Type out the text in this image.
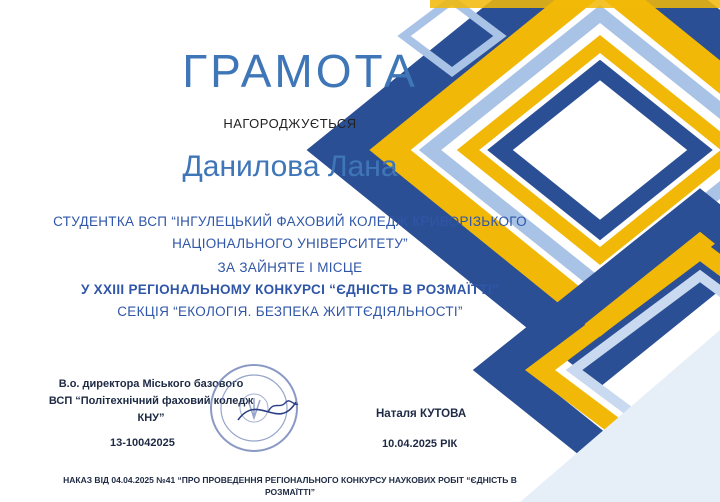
ГРАМОТА
НАГОРОДЖУЄТЬСЯ
Данилова Лана
СТУДЕНТКА ВСП “ІНГУЛЕЦЬКИЙ ФАХОВИЙ КОЛЕДЖ КРИВОРІЗЬКОГО
НАЦІОНАЛЬНОГО УНІВЕРСИТЕТУ”
ЗА ЗАЙНЯТЕ І МІСЦЕ
У XXIII РЕГІОНАЛЬНОМУ КОНКУРСІ “ЄДНІСТЬ В РОЗМАЇТТІ”
СЕКЦІЯ “ЕКОЛОГІЯ. БЕЗПЕКА ЖИТТЄДІЯЛЬНОСТІ”
В.о. директора Міського базового ВСП “Політехнічний фаховий коледж КНУ”
13-10042025
Наталя КУТОВА
10.04.2025 РІК
НАКАЗ ВІД 04.04.2025 №41 “ПРО ПРОВЕДЕННЯ РЕГІОНАЛЬНОГО КОНКУРСУ НАУКОВИХ РОБІТ “ЄДНІСТЬ В РОЗМАЇТТІ”
